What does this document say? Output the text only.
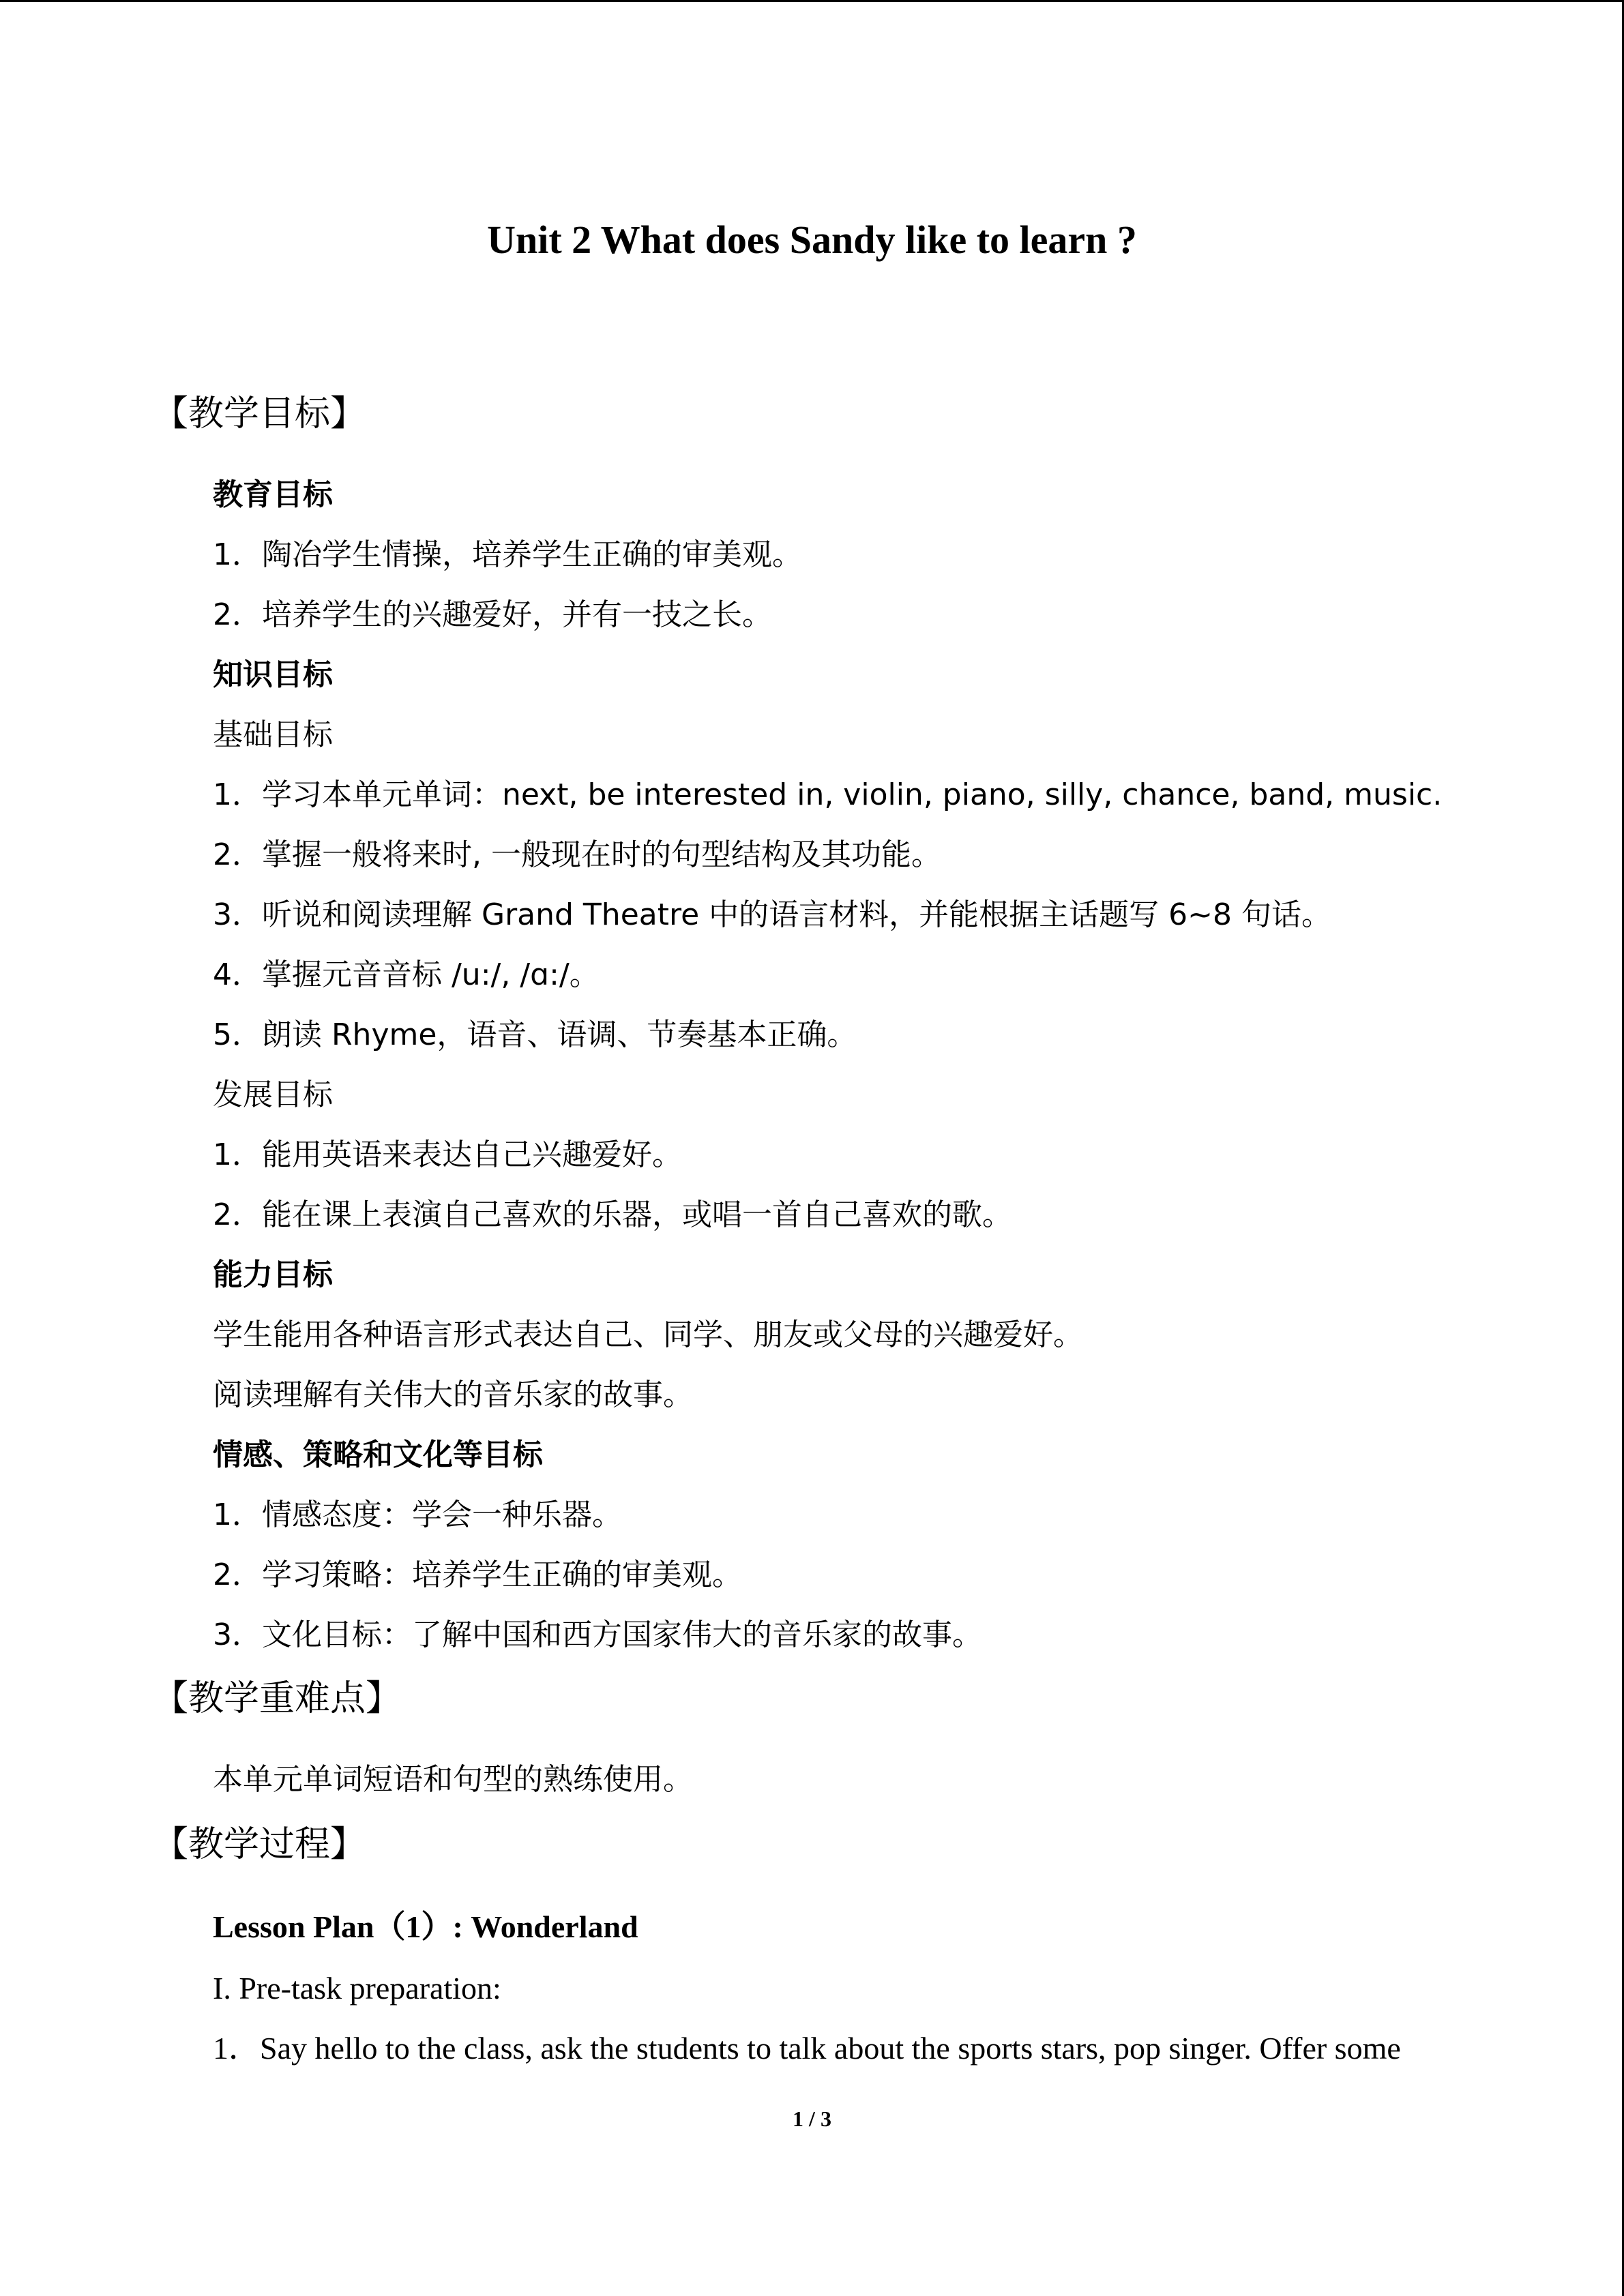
Unit 2 What does Sandy like to learn ?
【教学目标】
教育目标
1．陶冶学生情操，培养学生正确的审美观。
2．培养学生的兴趣爱好，并有一技之长。
知识目标
基础目标
1．学习本单元单词：next, be interested in, violin, piano, silly, chance, band, music.
2．掌握一般将来时, 一般现在时的句型结构及其功能。
3．听说和阅读理解 Grand Theatre 中的语言材料，并能根据主话题写 6~8 句话。
4．掌握元音音标 /u:/, /ɑ:/。
5．朗读 Rhyme，语音、语调、节奏基本正确。
发展目标
1．能用英语来表达自己兴趣爱好。
2．能在课上表演自己喜欢的乐器，或唱一首自己喜欢的歌。
能力目标
学生能用各种语言形式表达自己、同学、朋友或父母的兴趣爱好。
阅读理解有关伟大的音乐家的故事。
情感、策略和文化等目标
1．情感态度：学会一种乐器。
2．学习策略：培养学生正确的审美观。
3．文化目标：了解中国和西方国家伟大的音乐家的故事。
【教学重难点】
本单元单词短语和句型的熟练使用。
【教学过程】
Lesson Plan（1）: Wonderland
I. Pre-task preparation:
1．Say hello to the class, ask the students to talk about the sports stars, pop singer. Offer some
1 / 3
